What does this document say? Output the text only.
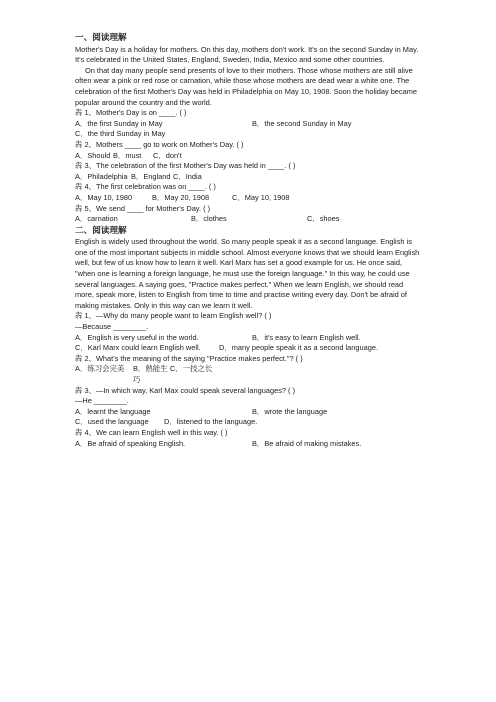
一、阅读理解

Mother's Day is a holiday for mothers. On this day, mothers don't work. It's on the second Sunday in May. It's celebrated in the United States, England, Sweden, India, Mexico and some other countries.

On that day many people send presents of love to their mothers. Those whose mothers are still alive often wear a pink or red rose or carnation, while those whose mothers are dead wear a white one. The celebration of the first Mother's Day was held in Philadelphia on May 10, 1908. Soon the holiday became popular around the country and the world.

犇 1、Mother's Day is on ____. ( )

A．the first Sunday in May	B．the second Sunday in May

C．the third Sunday in May

犇 2、Mothers ____ go to work on Mother's Day. ( )

A．Should B．must	C．don't

犇 3、The celebration of the first Mother's Day was held in ____. ( )

A．Philadelphia B．England C．India

犇 4、The first celebration was on ____. ( )

A．May 10, 1980	B．May 20, 1908	C．May 10, 1908

犇 5、We send ____ for Mother's Day. ( )

A．carnation	B．clothes	C．shoes
二、阅读理解

English is widely used throughout the world. So many people speak it as a second language. English is one of the most important subjects in middle school. Almost everyone knows that we should learn English well, but few of us know how to learn it well. Karl Marx has set a good example for us. He once said, "when one is learning a foreign language, he must use the foreign language." In this way, he could use several languages. A saying goes, "Practice makes perfect." When we learn English, we should read more, speak more, listen to English from time to time and practise writing every day. Don't be afraid of making mistakes. Only in this way can we learn it well.

犇 1、—Why do many people want to learn English well? ( )

—Because ________.

A．English is very useful in the world.	B．it's easy to learn English well.
C．Karl Marx could learn English well.	D．many people speak it as a second language.

犇 2、What's the meaning of the saying "Practice makes perfect."? ( )

A．练习会完美	B．熟能生巧
C．一技之长

犇 3、—In which way, Karl Max could speak several languages? ( )

—He ________.

A．learnt the language	B．wrote the language
C．used the language	D．listened to the language.

犇 4、We can learn English well in this way. ( )

A．Be afraid of speaking English.	B．Be afraid of making mistakes.
